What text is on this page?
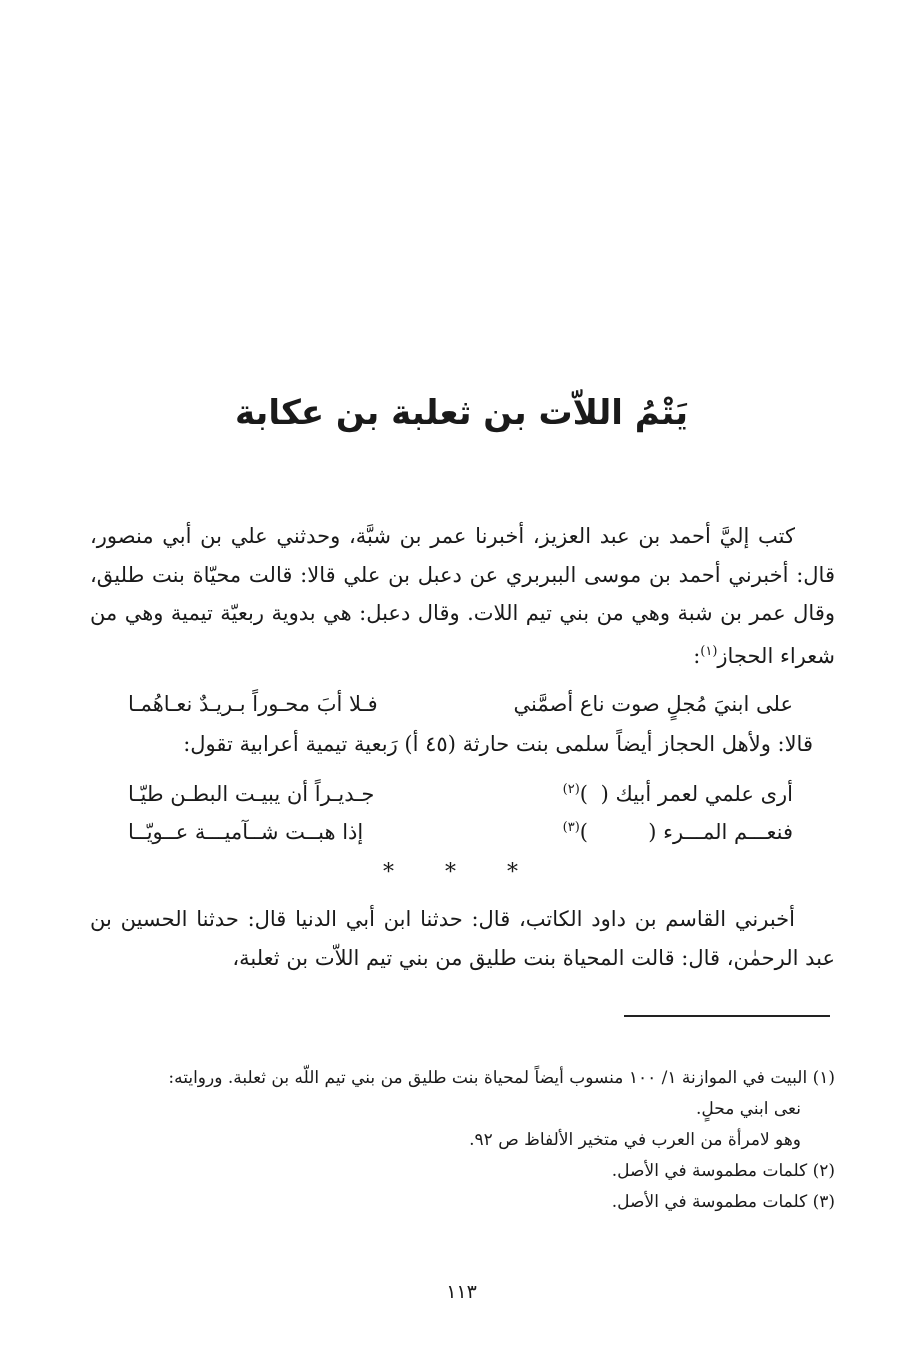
يَتْمُ اللاّت بن ثعلبة بن عكابة
كتب إليَّ أحمد بن عبد العزيز، أخبرنا عمر بن شبَّة، وحدثني علي بن أبي منصور، قال: أخبرني أحمد بن موسى الببربري عن دعبل بن علي قالا: قالت محيّاة بنت طليق، وقال عمر بن شبة وهي من بني تيم اللات. وقال دعبل: هي بدوية ربعيّة تيمية وهي من شعراء الحجاز$^{(١)}$:
على ابنيَ مُجلٍ صوت ناع أصمَّني
فـلا أبَ محـوراً بـريـدٌ نعـاهُمـا
قالا: ولأهل الحجاز أيضاً سلمى بنت حارثة (٤٥ أ) رَبعية تيمية أعرابية تقول:
أرى علمي لعمر أبيك (
)$^{(٢)}$
جـديـراً أن يبيـت البطـن طيّـا
فنعـــم المـــرء (
)$^{(٣)}$
إذا هبــت شــآميـــة عــويّــا
* * *
أخبرني القاسم بن داود الكاتب، قال: حدثنا ابن أبي الدنيا قال: حدثنا الحسين بن عبد الرحمٰن، قال: قالت المحياة بنت طليق من بني تيم اللاّت بن ثعلبة،
(١) البيت في الموازنة ١/ ١٠٠ منسوب أيضاً لمحياة بنت طليق من بني تيم اللّه بن ثعلبة. وروايته:
نعى ابني محلٍ.
وهو لامرأة من العرب في متخير الألفاظ ص ٩٢.
(٢) كلمات مطموسة في الأصل.
(٣) كلمات مطموسة في الأصل.
١١٣
